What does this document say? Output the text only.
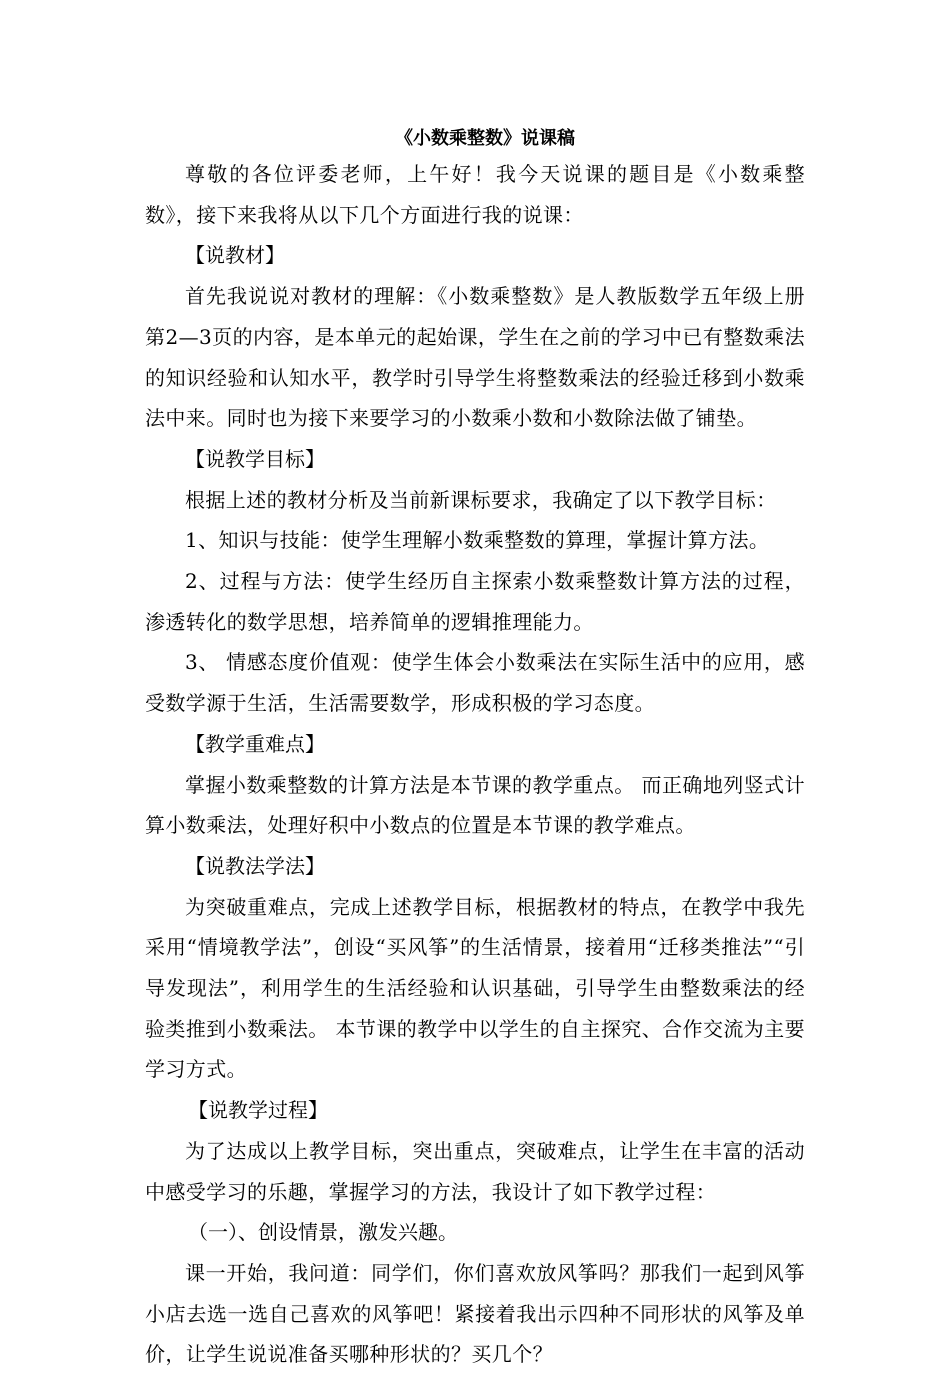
《小数乘整数》说课稿

尊敬的各位评委老师，上午好！我今天说课的题目是《小数乘整数》，接下来我将从以下几个方面进行我的说课：

【说教材】

首先我说说对教材的理解：《小数乘整数》是人教版数学五年级上册第2—3页的内容，是本单元的起始课，学生在之前的学习中已有整数乘法的知识经验和认知水平，教学时引导学生将整数乘法的经验迁移到小数乘法中来。同时也为接下来要学习的小数乘小数和小数除法做了铺垫。

【说教学目标】

根据上述的教材分析及当前新课标要求，我确定了以下教学目标：

1、知识与技能：使学生理解小数乘整数的算理，掌握计算方法。

2、过程与方法：使学生经历自主探索小数乘整数计算方法的过程，渗透转化的数学思想，培养简单的逻辑推理能力。

3、 情感态度价值观：使学生体会小数乘法在实际生活中的应用，感受数学源于生活，生活需要数学，形成积极的学习态度。

【教学重难点】

掌握小数乘整数的计算方法是本节课的教学重点。 而正确地列竖式计算小数乘法，处理好积中小数点的位置是本节课的教学难点。

【说教法学法】

为突破重难点，完成上述教学目标，根据教材的特点，在教学中我先采用“情境教学法”，创设“买风筝”的生活情景，接着用“迁移类推法”“引导发现法”，利用学生的生活经验和认识基础，引导学生由整数乘法的经验类推到小数乘法。 本节课的教学中以学生的自主探究、合作交流为主要学习方式。

【说教学过程】

为了达成以上教学目标，突出重点，突破难点，让学生在丰富的活动中感受学习的乐趣，掌握学习的方法，我设计了如下教学过程：

（一）、创设情景，激发兴趣。

课一开始，我问道：同学们，你们喜欢放风筝吗？那我们一起到风筝小店去选一选自己喜欢的风筝吧！紧接着我出示四种不同形状的风筝及单价，让学生说说准备买哪种形状的？买几个？
